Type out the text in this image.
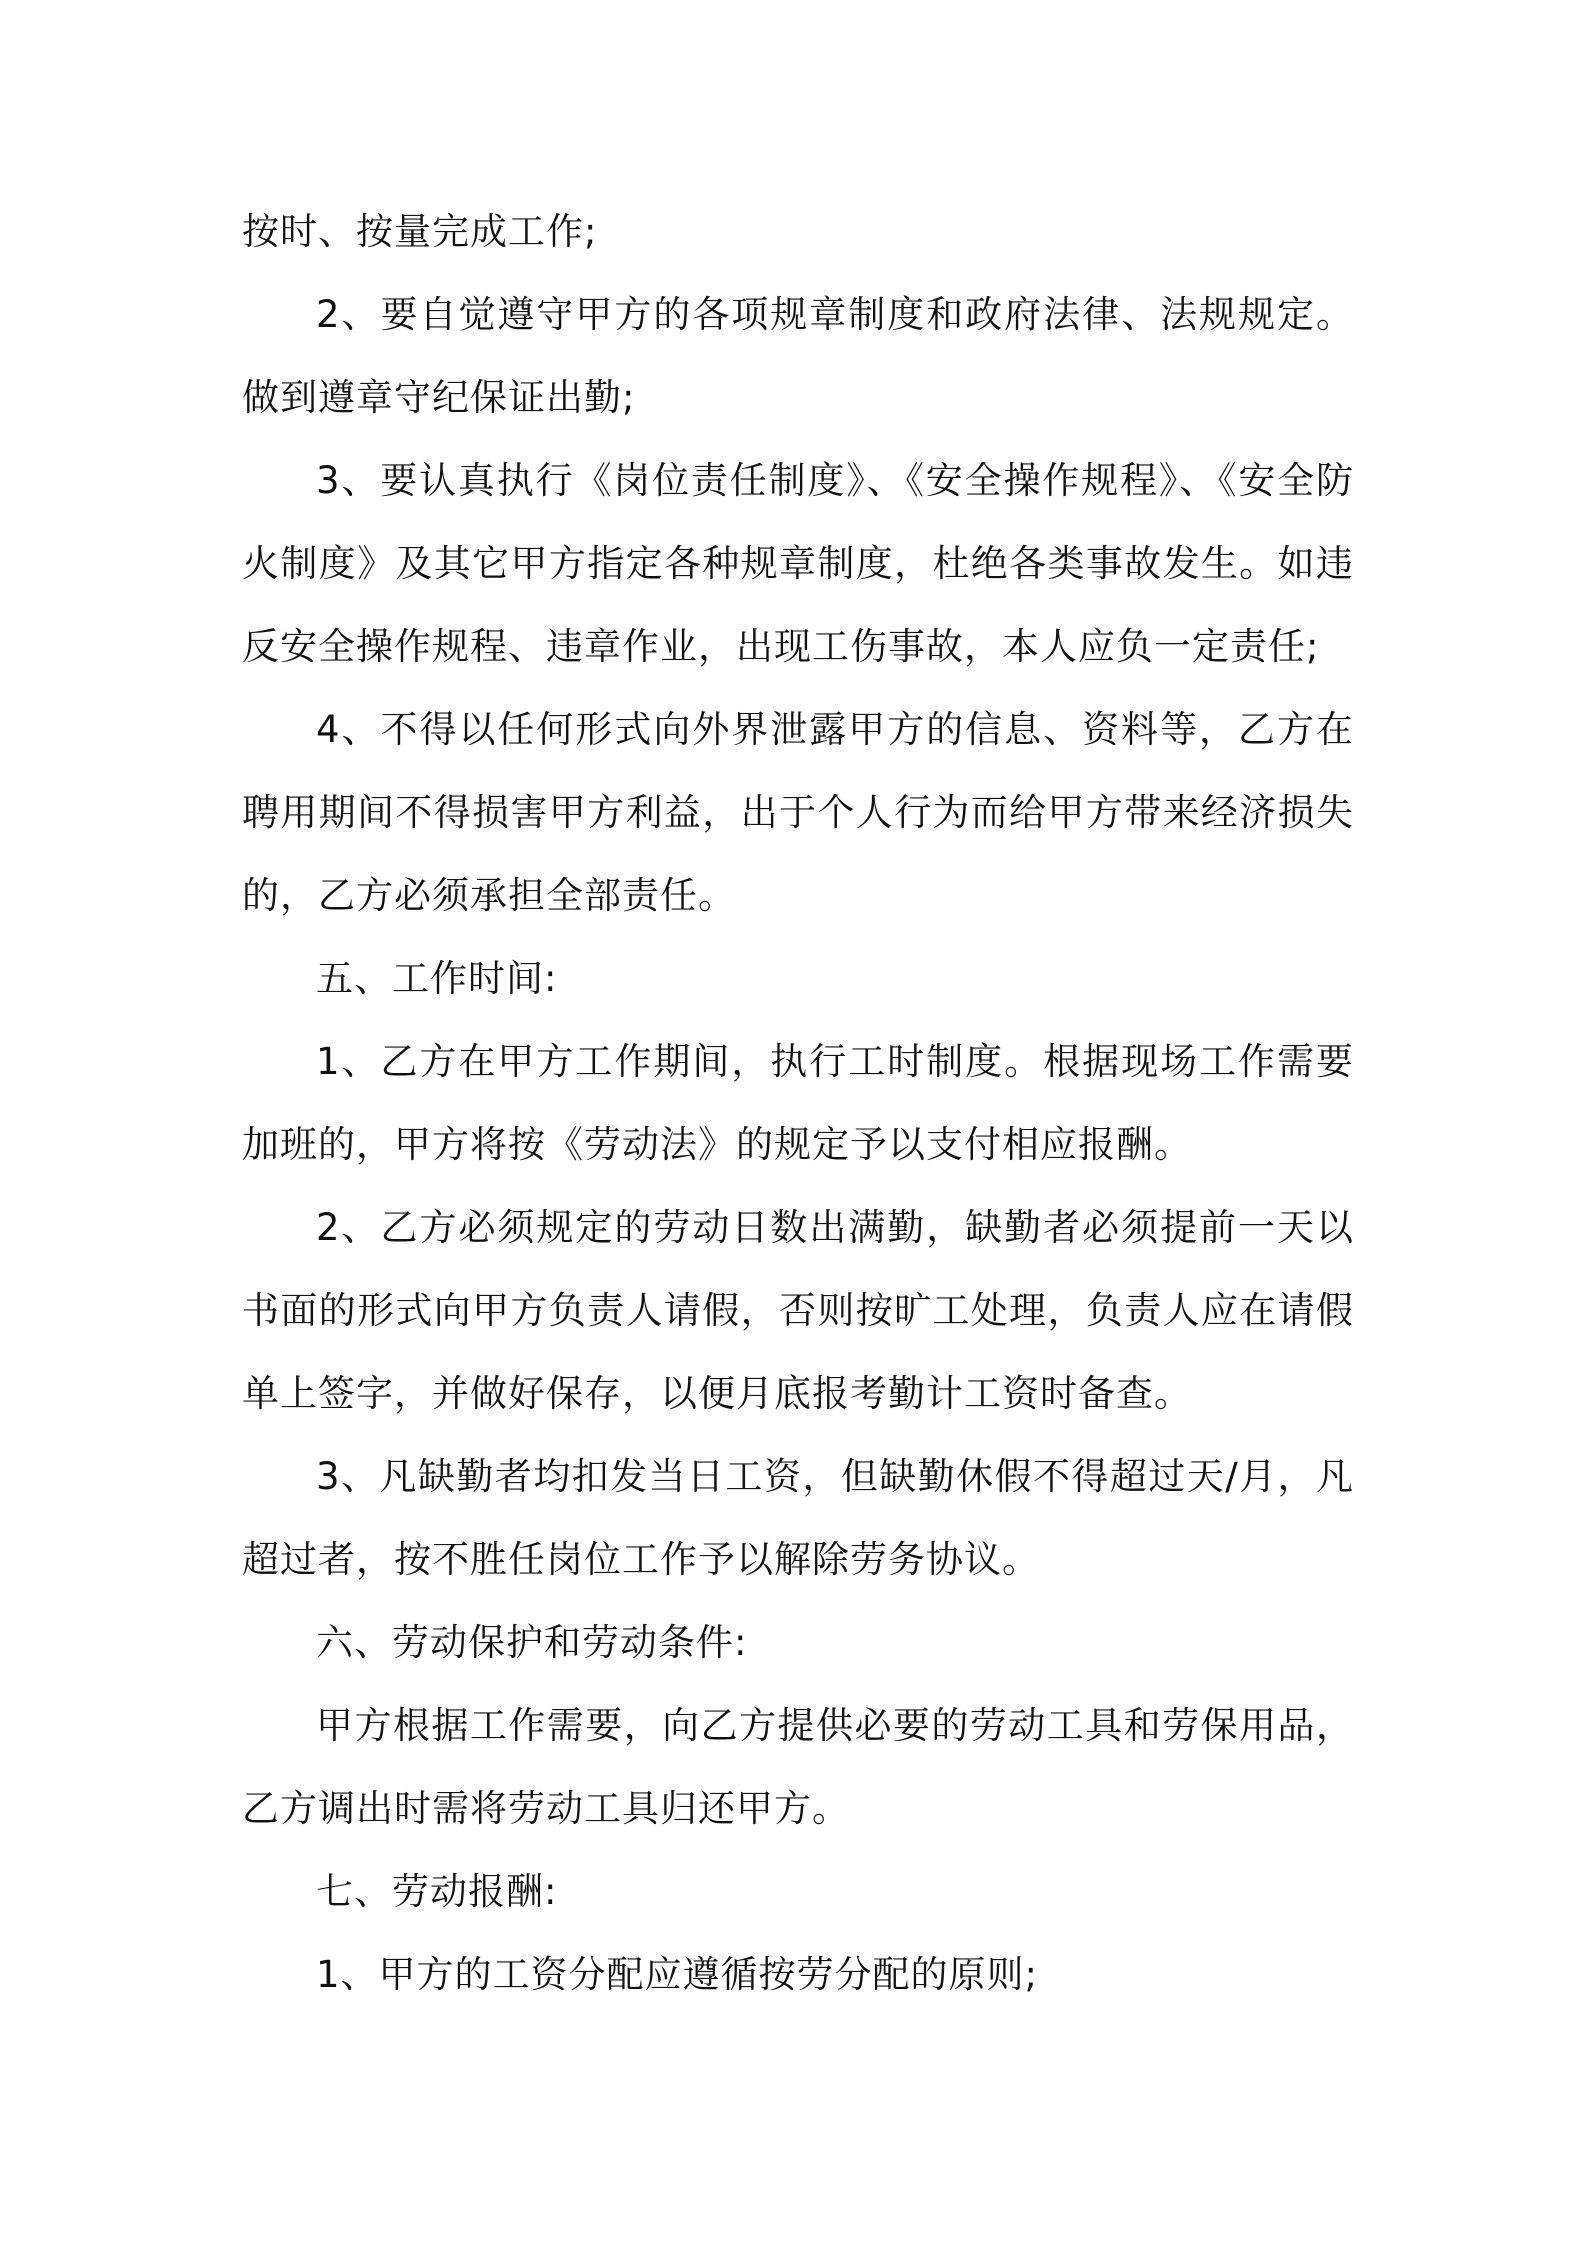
按时、按量完成工作;

2、要自觉遵守甲方的各项规章制度和政府法律、法规规定。做到遵章守纪保证出勤;

3、要认真执行《岗位责任制度》、《安全操作规程》、《安全防火制度》及其它甲方指定各种规章制度，杜绝各类事故发生。如违反安全操作规程、违章作业，出现工伤事故，本人应负一定责任;

4、不得以任何形式向外界泄露甲方的信息、资料等，乙方在聘用期间不得损害甲方利益，出于个人行为而给甲方带来经济损失的，乙方必须承担全部责任。

五、工作时间:

1、乙方在甲方工作期间，执行工时制度。根据现场工作需要加班的，甲方将按《劳动法》的规定予以支付相应报酬。

2、乙方必须规定的劳动日数出满勤，缺勤者必须提前一天以书面的形式向甲方负责人请假，否则按旷工处理，负责人应在请假单上签字，并做好保存，以便月底报考勤计工资时备查。

3、凡缺勤者均扣发当日工资，但缺勤休假不得超过天/月，凡超过者，按不胜任岗位工作予以解除劳务协议。

六、劳动保护和劳动条件:

甲方根据工作需要，向乙方提供必要的劳动工具和劳保用品，乙方调出时需将劳动工具归还甲方。

七、劳动报酬:

1、甲方的工资分配应遵循按劳分配的原则;
